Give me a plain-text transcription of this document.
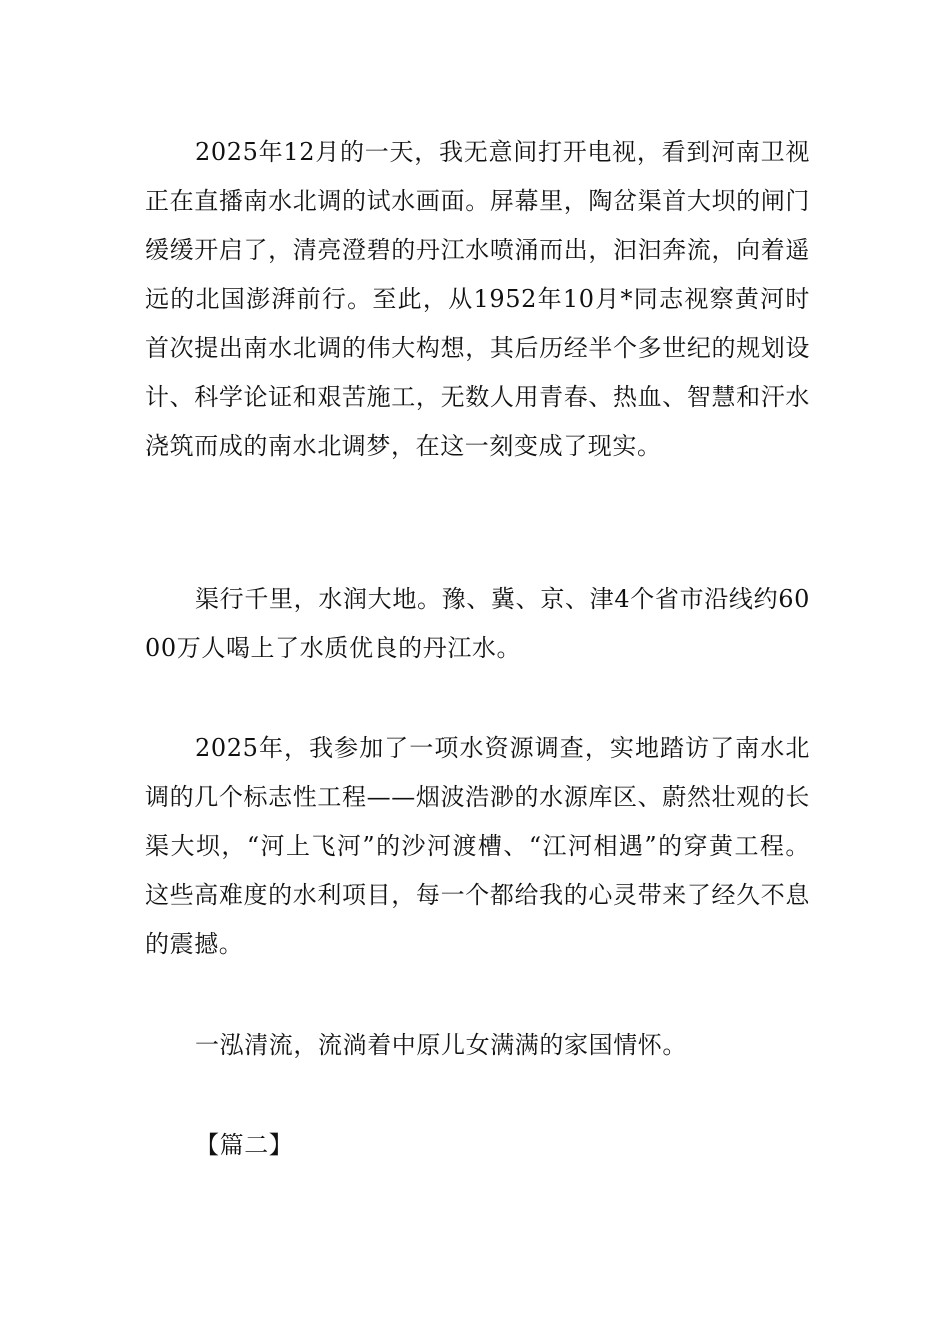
2025年12月的一天，我无意间打开电视，看到河南卫视正在直播南水北调的试水画面。屏幕里，陶岔渠首大坝的闸门缓缓开启了，清亮澄碧的丹江水喷涌而出，汩汩奔流，向着遥远的北国澎湃前行。至此，从1952年10月*同志视察黄河时首次提出南水北调的伟大构想，其后历经半个多世纪的规划设计、科学论证和艰苦施工，无数人用青春、热血、智慧和汗水浇筑而成的南水北调梦，在这一刻变成了现实。

渠行千里，水润大地。豫、冀、京、津4个省市沿线约6000万人喝上了水质优良的丹江水。

2025年，我参加了一项水资源调查，实地踏访了南水北调的几个标志性工程——烟波浩渺的水源库区、蔚然壮观的长渠大坝，“河上飞河”的沙河渡槽、“江河相遇”的穿黄工程。这些高难度的水利项目，每一个都给我的心灵带来了经久不息的震撼。

一泓清流，流淌着中原儿女满满的家国情怀。

【篇二】
